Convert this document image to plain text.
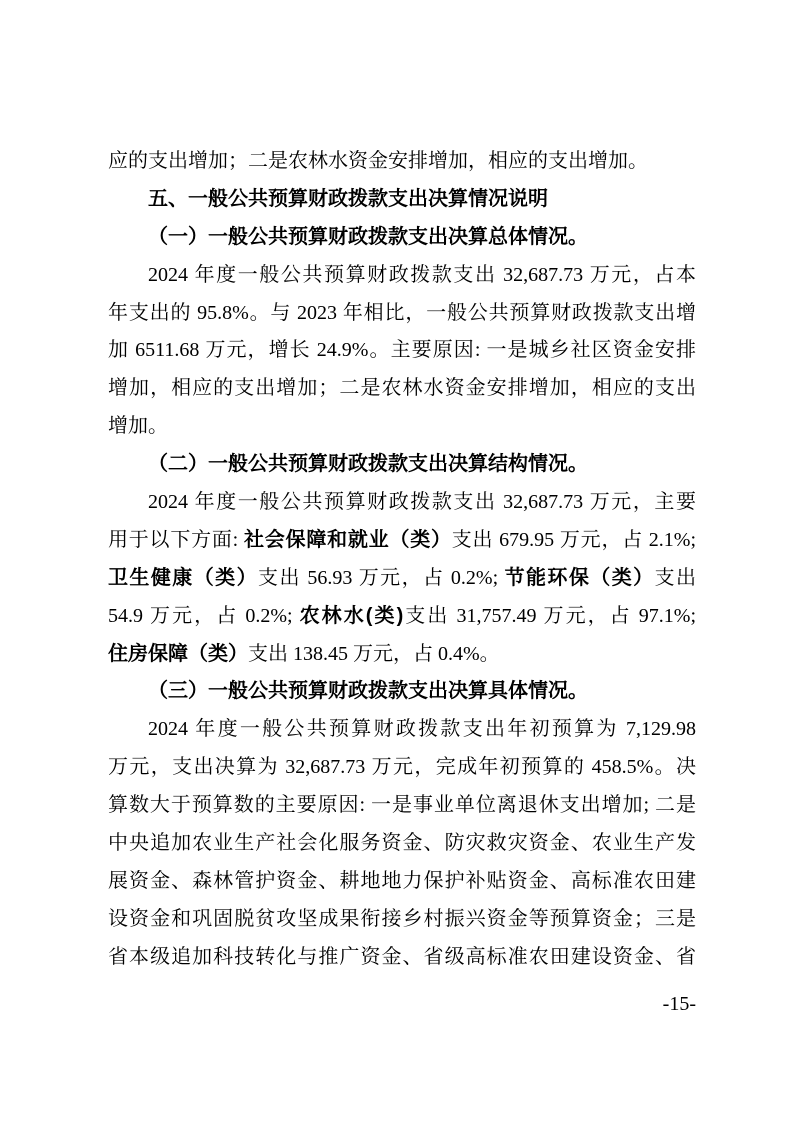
应的支出增加；二是农林水资金安排增加，相应的支出增加。
五、一般公共预算财政拨款支出决算情况说明
（一）一般公共预算财政拨款支出决算总体情况。
2024 年度一般公共预算财政拨款支出 32,687.73 万元，占本
年支出的 95.8%。与 2023 年相比，一般公共预算财政拨款支出增
加 6511.68 万元，增长 24.9%。主要原因: 一是城乡社区资金安排
增加，相应的支出增加；二是农林水资金安排增加，相应的支出
增加。
（二）一般公共预算财政拨款支出决算结构情况。
2024 年度一般公共预算财政拨款支出 32,687.73 万元，主要
用于以下方面: 社会保障和就业（类）支出 679.95 万元，占 2.1%;
卫生健康（类）支出 56.93 万元，占 0.2%; 节能环保（类）支出
54.9 万元，占 0.2%; 农林水(类)支出 31,757.49 万元，占 97.1%;
住房保障（类）支出 138.45 万元，占 0.4%。
（三）一般公共预算财政拨款支出决算具体情况。
2024 年度一般公共预算财政拨款支出年初预算为 7,129.98
万元，支出决算为 32,687.73 万元，完成年初预算的 458.5%。决
算数大于预算数的主要原因: 一是事业单位离退休支出增加; 二是
中央追加农业生产社会化服务资金、防灾救灾资金、农业生产发
展资金、森林管护资金、耕地地力保护补贴资金、高标准农田建
设资金和巩固脱贫攻坚成果衔接乡村振兴资金等预算资金；三是
省本级追加科技转化与推广资金、省级高标准农田建设资金、省
-15-
